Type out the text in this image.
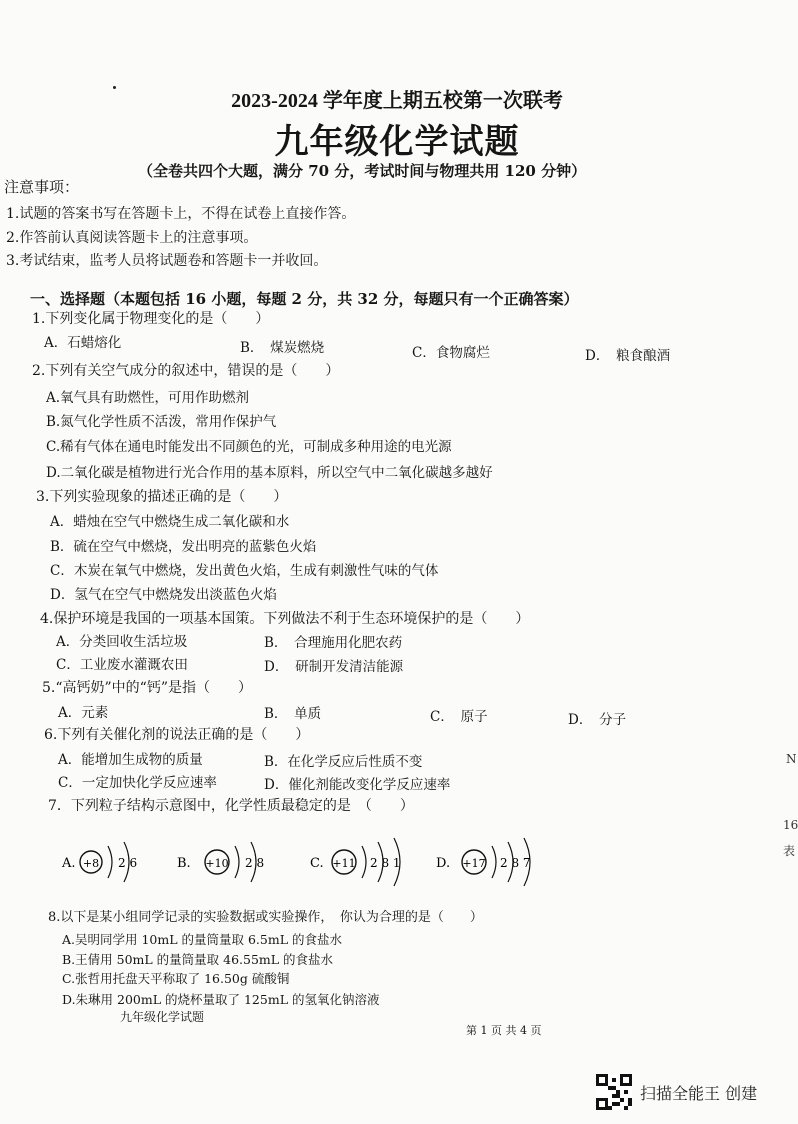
2023-2024 学年度上期五校第一次联考
九年级化学试题
（全卷共四个大题，满分 70 分，考试时间与物理共用 120 分钟）
注意事项：
1.试题的答案书写在答题卡上，不得在试卷上直接作答。
2.作答前认真阅读答题卡上的注意事项。
3.考试结束，监考人员将试题卷和答题卡一并收回。
一、选择题（本题包括 16 小题，每题 2 分，共 32 分，每题只有一个正确答案）
1.下列变化属于物理变化的是（　　）
A．石蜡熔化	B．　煤炭燃烧	C．食物腐烂	D．　粮食酿酒
2.下列有关空气成分的叙述中，错误的是（　　）
A.氧气具有助燃性，可用作助燃剂
B.氮气化学性质不活泼，常用作保护气
C.稀有气体在通电时能发出不同颜色的光，可制成多种用途的电光源
D.二氧化碳是植物进行光合作用的基本原料，所以空气中二氧化碳越多越好
3.下列实验现象的描述正确的是（　　）
A．蜡烛在空气中燃烧生成二氧化碳和水
B．硫在空气中燃烧，发出明亮的蓝紫色火焰
C．木炭在氧气中燃烧，发出黄色火焰，生成有刺激性气味的气体
D．氢气在空气中燃烧发出淡蓝色火焰
4.保护环境是我国的一项基本国策。下列做法不利于生态环境保护的是（　　）
A．分类回收生活垃圾	B．　合理施用化肥农药
C．工业废水灌溉农田	D．　研制开发清洁能源
5.“高钙奶”中的“钙”是指（　　）
A．元素	B．　单质	C．　原子	D．　分子
6.下列有关催化剂的说法正确的是（　　）
A．能增加生成物的质量	B．在化学反应后性质不变
C．一定加快化学反应速率	D．催化剂能改变化学反应速率
7．下列粒子结构示意图中，化学性质最稳定的是　（　　）
A. +8 2 6	B. +10 2 8	C. +11 2 8 1	D. +17 2 8 7
8.以下是某小组同学记录的实验数据或实验操作，　你认为合理的是（　　）
A.吴明同学用 10mL 的量筒量取 6.5mL 的食盐水
B.王倩用 50mL 的量筒量取 46.55mL 的食盐水
C.张哲用托盘天平称取了 16.50g 硫酸铜
D.朱琳用 200mL 的烧杯量取了 125mL 的氢氧化钠溶液
九年级化学试题
第 1 页 共 4 页
N
16
表
扫描全能王 创建
